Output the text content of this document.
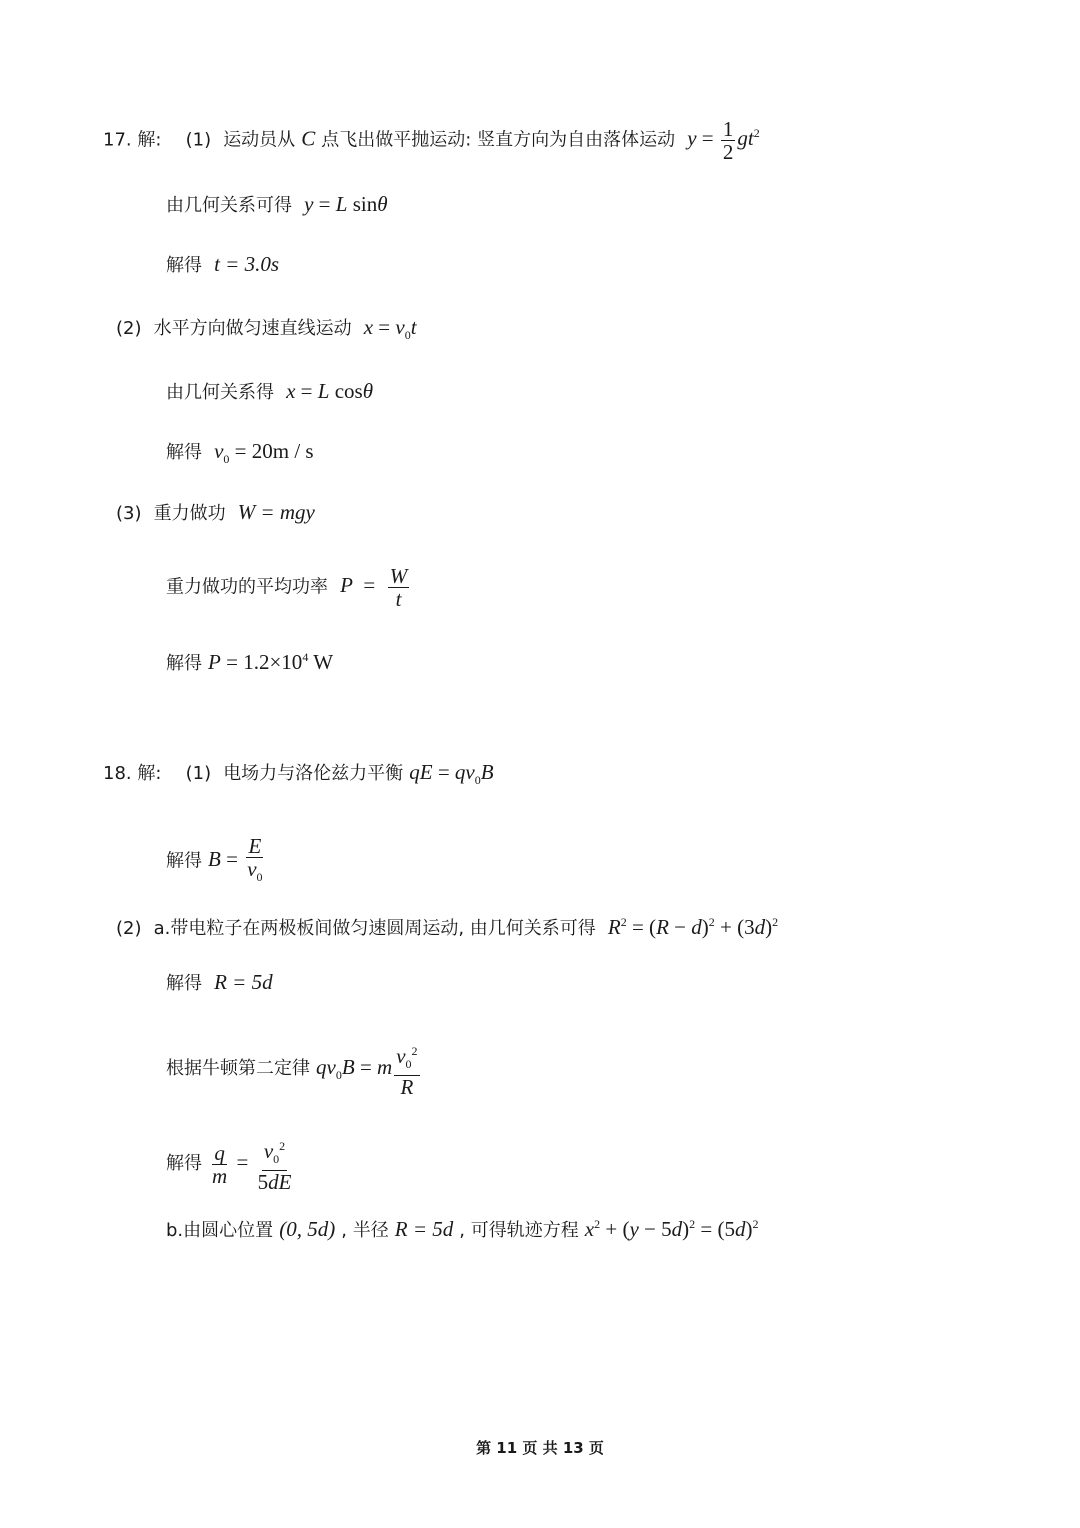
17. 解: (1) 运动员从 C 点飞出做平抛运动: 竖直方向为自由落体运动 $y = \frac{1}{2} gt^2$
由几何关系可得 y = L sinθ
解得 t = 3.0s
(2) 水平方向做匀速直线运动 $x = v_0t$
由几何关系得 x = L cosθ
解得 $v_0 = 20m / s$
(3) 重力做功 W = mgy
重力做功的平均功率 $P = \frac{W}{t}$
解得 $P = 1.2\times 10^4$ W
18. 解: (1) 电场力与洛伦兹力平衡 qE = $qv_0B$
解得 $B = \frac{E}{v_0}$
(2) a.带电粒子在两极板间做匀速圆周运动, 由几何关系可得 $R^2 = (R - d)^2 + (3d)^2$
解得 R = 5d
根据牛顿第二定律 $qv_0B = m \frac{v_0^2}{R}$
解得 $\frac{q}{m} = \frac{v_0^2}{5dE}$
b.由圆心位置 (0, 5d) , 半径 R = 5d , 可得轨迹方程 $x^2 + (y - 5d)^2 = (5d)^2$
第 11 页 共 13 页
